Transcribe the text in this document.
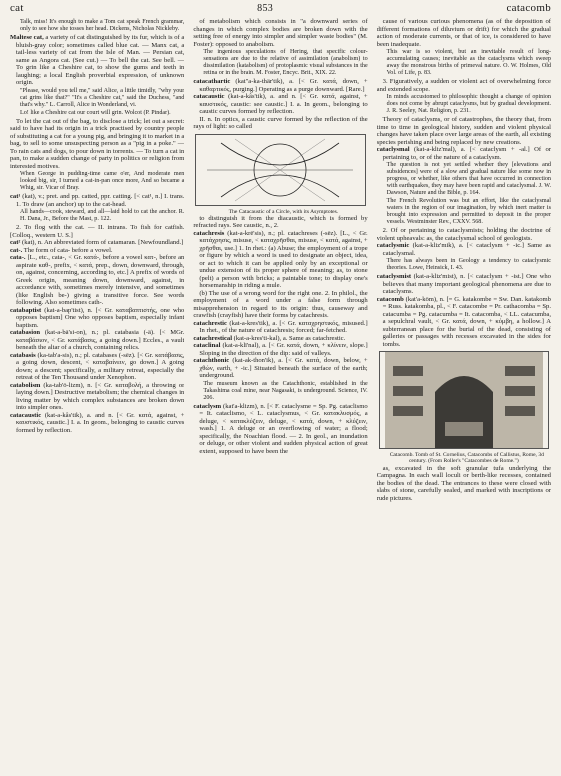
cat	853	catacomb

Talk, miss! It's enough to make a Tom cat speak French grammar, only to see how she tosses her head. Dickens, Nicholas Nickleby.

Maltese cat, a variety of cat distinguished by its fur, which is of a bluish-gray color; sometimes called blue cat. — Manx cat, a tail-less variety of cat from the Isle of Man. — Persian cat, same as Angora cat. (See cut.) — To bell the cat. See bell. — To grin like a Cheshire cat, to show the gums and teeth in laughing; a local English proverbial expression, of unknown origin.

"Please, would you tell me," said Alice, a little timidly, "why your cat grins like that?" "It's a Cheshire cat," said the Duchess, "and that's why." L. Carroll, Alice in Wonderland, vi.

Lo! like a Cheshire cat our court will grin. Wolcot (P. Pindar).

To let the cat out of the bag, to disclose a trick; let out a secret: said to have had its origin in a trick practised by country people of substituting a cat for a young pig, and bringing it to market in a bag, to sell to some unsuspecting person as a "pig in a poke." — To rain cats and dogs, to pour down in torrents. — To turn a cat in pan, to make a sudden change of party in politics or religion from interested motives.

When George in pudding-time came o'er, And moderate men looked big, sir, I turned a cat-in-pan once more, And so became a Whig, sir. Vicar of Bray.

cat¹ (kat), v.; pret. and pp. catted, ppr. catting. [< cat¹, n.] I. trans. 1. To draw (an anchor) up to the cat-head.

All hands—cook, steward, and all—laid hold to cat the anchor. R. H. Dana, Jr., Before the Mast, p. 122.

2. To flog with the cat. — II. intrans. To fish for catfish. [Colloq., western U. S.]

cat² (kat), n. An abbreviated form of catamaran. [Newfoundland.]

cat-. The form of cata- before a vowel.

cata-. [L., etc., cata-, < Gr. κατά-, before a vowel κατ-, before an aspirate καθ-, prefix, < κατά, prep., down, downward, through, on, against, concerning, according to, etc.] A prefix of words of Greek origin, meaning down, downward, against, in accordance with, sometimes merely intensive, and sometimes (like English be-) giving a transitive force. See words following. Also sometimes cath-.

catabaptist (kat-a-bap'tist), n. [< Gr. καταβαπτιστής, one who opposes baptism] One who opposes baptism, especially infant baptism.

catabasion (kat-a-bā'si-on), n.; pl. catabasia (-ä). [< MGr. καταβάσιον, < Gr. κατάβασις, a going down.] Eccles., a vault beneath the altar of a church, containing relics.

catabasis (ka-tab'a-sis), n.; pl. catabases (-sēz). [< Gr. κατάβασις, a going down, descent, < καταβαίνειν, go down.] A going down; a descent; specifically, a military retreat, especially the retreat of the Ten Thousand under Xenophon.

catabolism (ka-tab'ō-lizm), n. [< Gr. καταβολή, a throwing or laying down.] Destructive metabolism; the chemical changes in living matter by which complex substances are broken down into simpler ones.

catacaustic (kat-a-kâs'tik), a. and n. [< Gr. κατά, against, + καυστικός, caustic.] I. a. In geom., belonging to caustic curves formed by reflection.

of metabolism which consists in "a downward series of changes in which complex bodies are broken down with the setting free of energy into simpler and simpler waste bodies" (M. Foster): opposed to anabolism.

The ingenious speculations of Hering, that specific colour-sensations are due to the relative of assimilation (anabolism) to dissimilation (katabolism) of protoplasmic visual substances in the retina or in the brain. M. Foster, Encyc. Brit., XIX. 22.

catacathartic (kat"a-ka-thär'tik), a. [< Gr. κατά, down, + καθαρτικός, purging.] Operating as a purge downward. [Rare.]

catacaustic (kat-a-kâs'tik), a. and n. [< Gr. κατά, against, + καυστικός, caustic: see caustic.] I. a. In geom., belonging to caustic curves formed by reflection.

II. n. In optics, a caustic curve formed by the reflection of the rays of light: so called

The Catacaustic of a Circle, with its Asymptotes.

to distinguish it from the diacaustic, which is formed by refracted rays. See caustic, n., 2.

catachresis (kat-a-krē'sis), n.; pl. catachreses (-sēz). [L., < Gr. κατάχρησις, misuse, < καταχρῆσθαι, misuse, < κατά, against, + χρῆσθαι, use.] 1. In rhet.: (a) Abuse; the employment of a trope or figure by which a word is used to designate an object, idea, or act to which it can be applied only by an exceptional or undue extension of its proper sphere of meaning; as, to stone (pelt) a person with bricks; a paintable tone; to display one's horsemanship in riding a mule.

(b) The use of a wrong word for the right one. 2. In philol., the employment of a word under a false form through misapprehension in regard to its origin: thus, causeway and crawfish (crayfish) have their forms by catachresis.

catachrestic (kat-a-kres'tik), a. [< Gr. καταχρηστικός, misused.] In rhet., of the nature of catachresis; forced; far-fetched.

catachrestical (kat-a-kres'ti-kal), a. Same as catachrestic.

cataclinal (kat-a-klī'nal), a. [< Gr. κατά, down, + κλίνειν, slope.] Sloping in the direction of the dip: said of valleys.

catachthonic (kat-ak-thon'ik), a. [< Gr. κατά, down, below, + χθών, earth, + -ic.] Situated beneath the surface of the earth; underground.

The museum known as the Catachthonic, established in the Takashima coal mine, near Nagasaki, is underground. Science, IV. 206.

cataclysm (kat'a-klizm), n. [< F. cataclysme = Sp. Pg. cataclismo = It. cataclismo, < L. cataclysmus, < Gr. κατακλυσμός, a deluge, < κατακλύζειν, deluge, < κατά, down, + κλύζειν, wash.] 1. A deluge or an overflowing of water; a flood; specifically, the Noachian flood. — 2. In geol., an inundation or deluge, or other violent and sudden physical action of great extent, supposed to have been the

cause of various curious phenomena (as of the deposition of different formations of diluvium or drift) for which the gradual action of moderate currents, or that of ice, is considered to have been inadequate.

This war is so violent, but an inevitable result of long-accumulating causes; inevitable as the cataclysms which sweep away the monstrous births of primeval nature. O. W. Holmes, Old Vol. of Life, p. 83.

3. Figuratively, a sudden or violent act of overwhelming force and extended scope.

In minds accustomed to philosophic thought a change of opinion does not come by abrupt cataclysms, but by gradual development. J. R. Seeley, Nat. Religion, p. 231.

Theory of cataclysms, or of catastrophes, the theory that, from time to time in geological history, sudden and violent physical changes have taken place over large areas of the earth, all existing species perishing and being replaced by new creations.

cataclysmal (kat-a-kliz'mal), a. [< cataclysm + -al.] Of or pertaining to, or of the nature of a cataclysm.

The question is not yet settled whether they [elevations and subsidences] were of a slow and gradual nature like some now in progress, or whether, like others that have occurred in connection with earthquakes, they may have been rapid and cataclysmal. J. W. Dawson, Nature and the Bible, p. 164.

The French Revolution was but an effort, like the cataclysmal waters in the region of our imagination, by which inert matter is brought into expression and permitted to deposit in the proper vessels. Westminster Rev., CXXV. 568.

2. Of or pertaining to cataclysmists; holding the doctrine of violent upheavals: as, the cataclysmal school of geologists.

cataclysmic (kat-a-kliz'mik), a. [< cataclysm + -ic.] Same as cataclysmal.

There has always been in Geology a tendency to cataclysmic theories. Lowe, Heinsick, I. 43.

cataclysmist (kat-a-kliz'mist), n. [< cataclysm + -ist.] One who believes that many important geological phenomena are due to cataclysms.

catacomb (kat'a-kōm), n. [= G. katakombe = Sw. Dan. katakomb = Russ. katakomba, pl., < F. catacombe = Pr. cathacomba = Sp. catacumba = Pg. catacumba = It. catacomba, < LL. catacumba, a sepulchral vault, < Gr. κατά, down, + κύμβη, a hollow.] A subterranean place for the burial of the dead, consisting of galleries or passages with recesses excavated in the sides for tombs.

Catacomb. Tomb of St. Cornelius, Catacombs of Callistus, Rome, 3d century. (From Roller's "Catacombes de Rome.")

as, excavated in the soft granular tufa underlying the Campagna. In each wall loculi or berth-like recesses, contained the bodies of the dead. The entrances to these were closed with slabs of stone, carefully sealed, and marked with inscriptions or rude pictures.
